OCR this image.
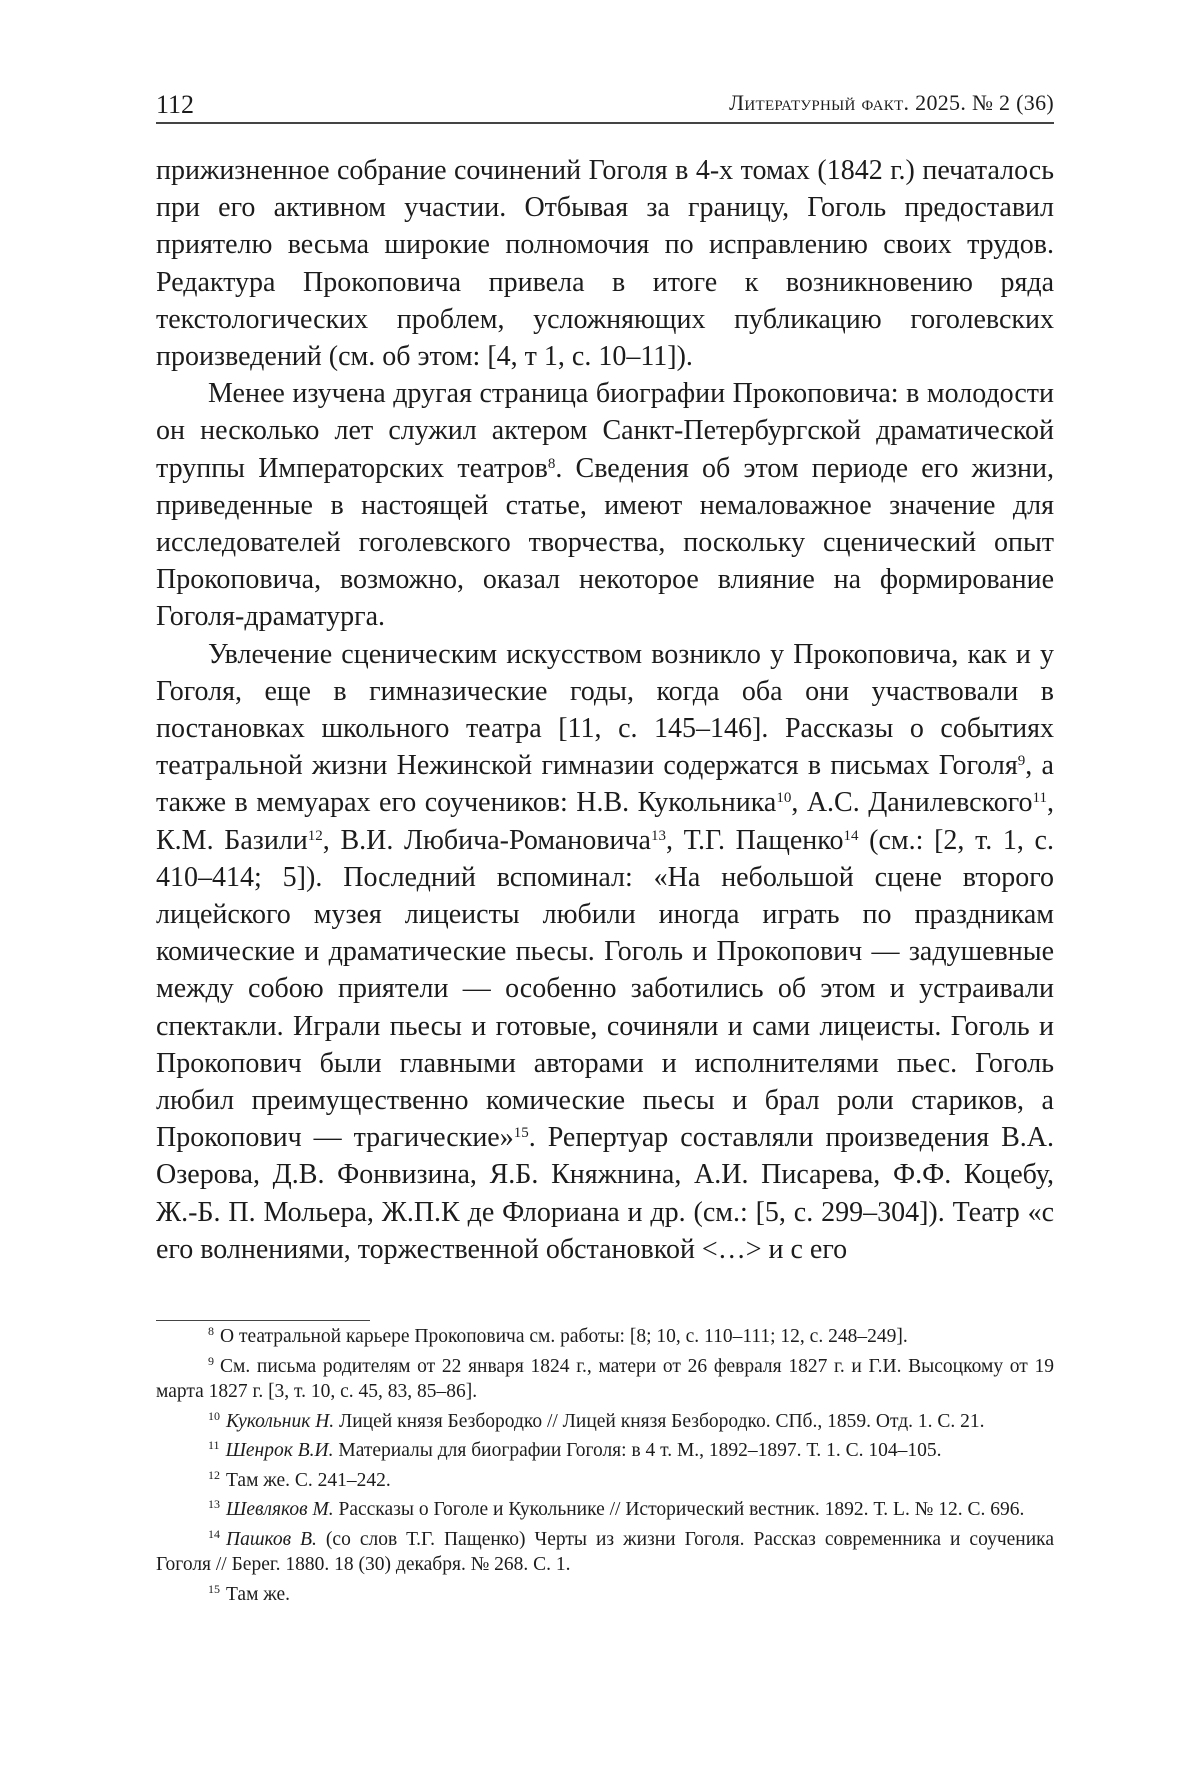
112	Литературный факт. 2025. № 2 (36)

прижизненное собрание сочинений Гоголя в 4-х томах (1842 г.) печаталось при его активном участии. Отбывая за границу, Гоголь предоставил приятелю весьма широкие полномочия по исправлению своих трудов. Редактура Прокоповича привела в итоге к возникновению ряда текстологических проблем, усложняющих публикацию гоголевских произведений (см. об этом: [4, т 1, с. 10–11]).

Менее изучена другая страница биографии Прокоповича: в молодости он несколько лет служил актером Санкт-Петербургской драматической труппы Императорских театров$^8$. Сведения об этом периоде его жизни, приведенные в настоящей статье, имеют немаловажное значение для исследователей гоголевского творчества, поскольку сценический опыт Прокоповича, возможно, оказал некоторое влияние на формирование Гоголя-драматурга.

Увлечение сценическим искусством возникло у Прокоповича, как и у Гоголя, еще в гимназические годы, когда оба они участвовали в постановках школьного театра [11, с. 145–146]. Рассказы о событиях театральной жизни Нежинской гимназии содержатся в письмах Гоголя$^9$, а также в мемуарах его соучеников: Н.В. Кукольника$^{10}$, А.С. Данилевского$^{11}$, К.М. Базили$^{12}$, В.И. Любича-Романовича$^{13}$, Т.Г. Пащенко$^{14}$ (см.: [2, т. 1, с. 410–414; 5]). Последний вспоминал: «На небольшой сцене второго лицейского музея лицеисты любили иногда играть по праздникам комические и драматические пьесы. Гоголь и Прокопович — задушевные между собою приятели — особенно заботились об этом и устраивали спектакли. Играли пьесы и готовые, сочиняли и сами лицеисты. Гоголь и Прокопович были главными авторами и исполнителями пьес. Гоголь любил преимущественно комические пьесы и брал роли стариков, а Прокопович — трагические»$^{15}$. Репертуар составляли произведения В.А. Озерова, Д.В. Фонвизина, Я.Б. Княжнина, А.И. Писарева, Ф.Ф. Коцебу, Ж.-Б. П. Мольера, Ж.П.К де Флориана и др. (см.: [5, с. 299–304]). Театр «с его волнениями, торжественной обстановкой <…> и с его

$^8$ О театральной карьере Прокоповича см. работы: [8; 10, с. 110–111; 12, с. 248–249].

$^9$ См. письма родителям от 22 января 1824 г., матери от 26 февраля 1827 г. и Г.И. Высоцкому от 19 марта 1827 г. [3, т. 10, с. 45, 83, 85–86].

$^{10}$ Кукольник Н. Лицей князя Безбородко // Лицей князя Безбородко. СПб., 1859. Отд. 1. С. 21.

$^{11}$ Шенрок В.И. Материалы для биографии Гоголя: в 4 т. М., 1892–1897. Т. 1. С. 104–105.

$^{12}$ Там же. С. 241–242.

$^{13}$ Шевляков М. Рассказы о Гоголе и Кукольнике // Исторический вестник. 1892. Т. L. № 12. С. 696.

$^{14}$ Пашков В. (со слов Т.Г. Пащенко) Черты из жизни Гоголя. Рассказ современника и соученика Гоголя // Берег. 1880. 18 (30) декабря. № 268. С. 1.

$^{15}$ Там же.
